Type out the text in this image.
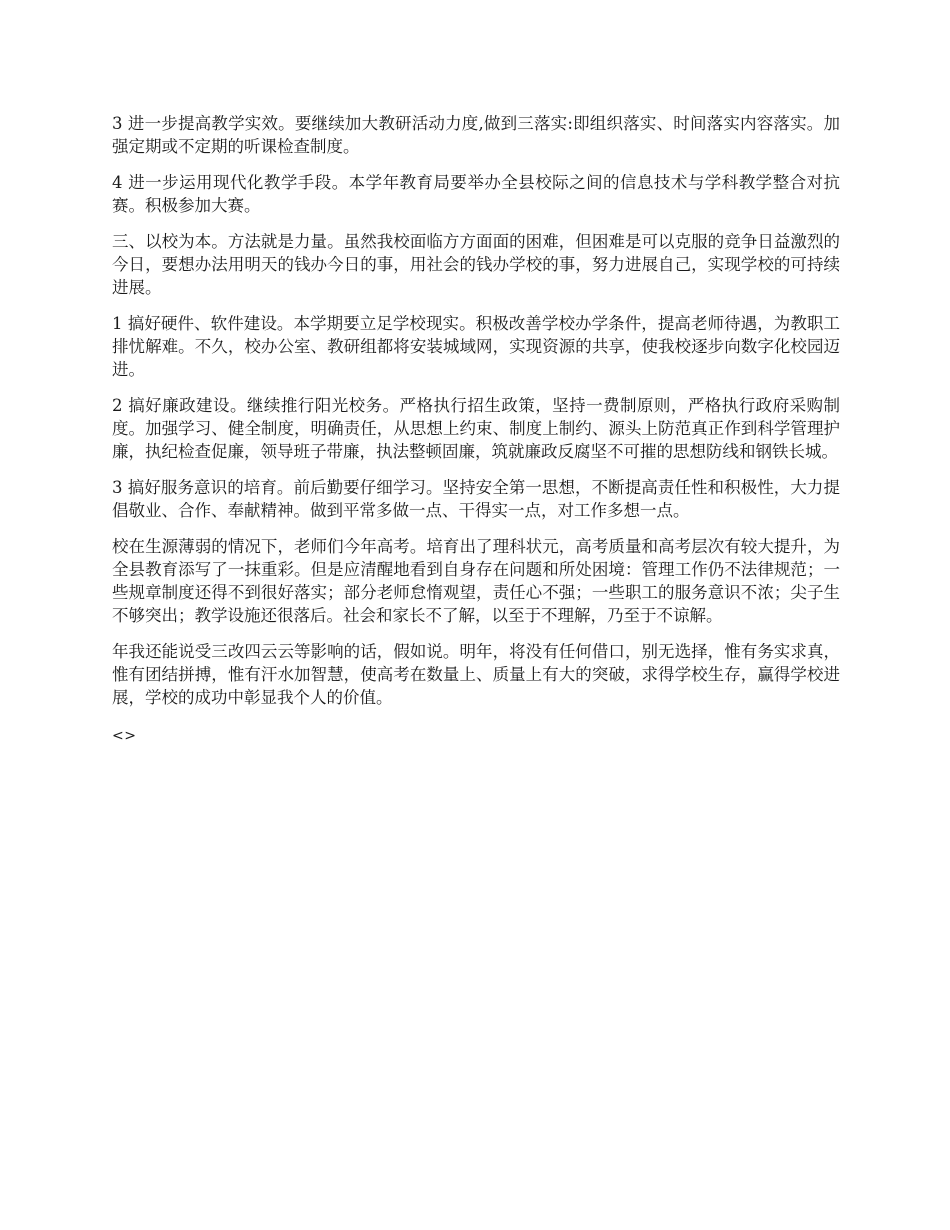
3 进一步提高教学实效。要继续加大教研活动力度,做到三落实:即组织落实、时间落实内容落实。加强定期或不定期的听课检查制度。

4 进一步运用现代化教学手段。本学年教育局要举办全县校际之间的信息技术与学科教学整合对抗赛。积极参加大赛。

三、以校为本。方法就是力量。虽然我校面临方方面面的困难，但困难是可以克服的竞争日益激烈的今日，要想办法用明天的钱办今日的事，用社会的钱办学校的事，努力进展自己，实现学校的可持续进展。

1 搞好硬件、软件建设。本学期要立足学校现实。积极改善学校办学条件，提高老师待遇，为教职工排忧解难。不久，校办公室、教研组都将安装城域网，实现资源的共享，使我校逐步向数字化校园迈进。

2 搞好廉政建设。继续推行阳光校务。严格执行招生政策，坚持一费制原则，严格执行政府采购制度。加强学习、健全制度，明确责任，从思想上约束、制度上制约、源头上防范真正作到科学管理护廉，执纪检查促廉，领导班子带廉，执法整顿固廉，筑就廉政反腐坚不可摧的思想防线和钢铁长城。

3 搞好服务意识的培育。前后勤要仔细学习。坚持安全第一思想，不断提高责任性和积极性，大力提倡敬业、合作、奉献精神。做到平常多做一点、干得实一点，对工作多想一点。

校在生源薄弱的情况下，老师们今年高考。培育出了理科状元，高考质量和高考层次有较大提升，为全县教育添写了一抹重彩。但是应清醒地看到自身存在问题和所处困境：管理工作仍不法律规范；一些规章制度还得不到很好落实；部分老师怠惰观望，责任心不强；一些职工的服务意识不浓；尖子生不够突出；教学设施还很落后。社会和家长不了解，以至于不理解，乃至于不谅解。

年我还能说受三改四云云等影响的话，假如说。明年，将没有任何借口，别无选择，惟有务实求真，惟有团结拼搏，惟有汗水加智慧，使高考在数量上、质量上有大的突破，求得学校生存，赢得学校进展，学校的成功中彰显我个人的价值。

<>
